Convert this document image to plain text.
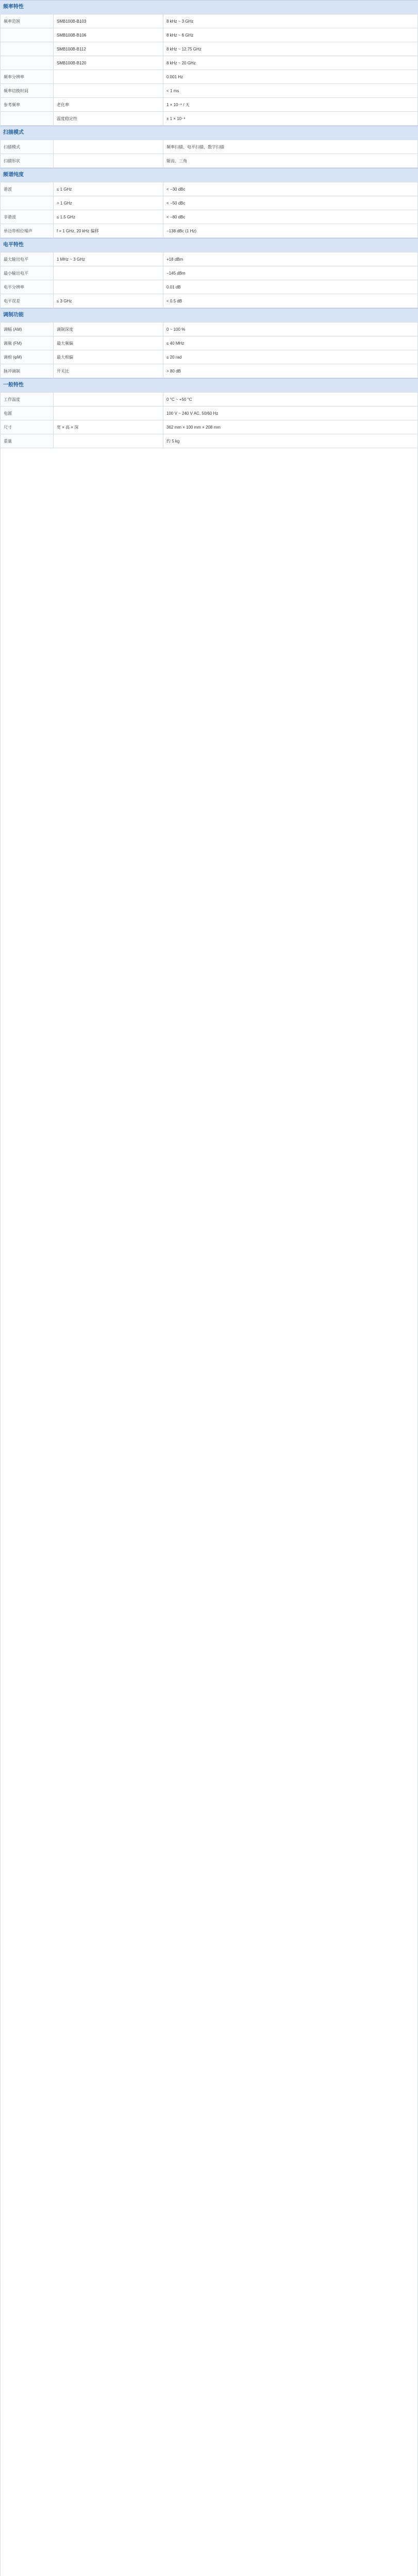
频率特性
频率范围	SMB100B-B103	8 kHz ~ 3 GHz
	SMB100B-B106	8 kHz ~ 6 GHz
	SMB100B-B112	8 kHz ~ 12.75 GHz
	SMB100B-B120	8 kHz ~ 20 GHz
频率分辨率		0.001 Hz
频率切换时间		< 1 ms
参考频率	老化率	1 × 10⁻⁹ / 天
	温度稳定性	± 1 × 10⁻⁸
扫描模式
扫描模式		频率扫描、电平扫描、数字扫描
扫描形状		锯齿、三角
频谱纯度
谐波	≤ 1 GHz	< −30 dBc
	> 1 GHz	< −50 dBc
非谐波	≤ 1.5 GHz	< −80 dBc
单边带相位噪声	f = 1 GHz, 20 kHz 偏移	−138 dBc (1 Hz)
电平特性
最大输出电平	1 MHz ~ 3 GHz	+18 dBm
最小输出电平		−145 dBm
电平分辨率		0.01 dB
电平误差	≤ 3 GHz	< 0.5 dB
调制功能
调幅 (AM)	调制深度	0 ~ 100 %
调频 (FM)	最大频偏	≤ 40 MHz
调相 (φM)	最大相偏	≤ 20 rad
脉冲调制	开关比	> 80 dB
一般特性
工作温度		0 °C ~ +50 °C
电源		100 V ~ 240 V AC, 50/60 Hz
尺寸	宽 × 高 × 深	362 mm × 100 mm × 208 mm
重量		约 5 kg
